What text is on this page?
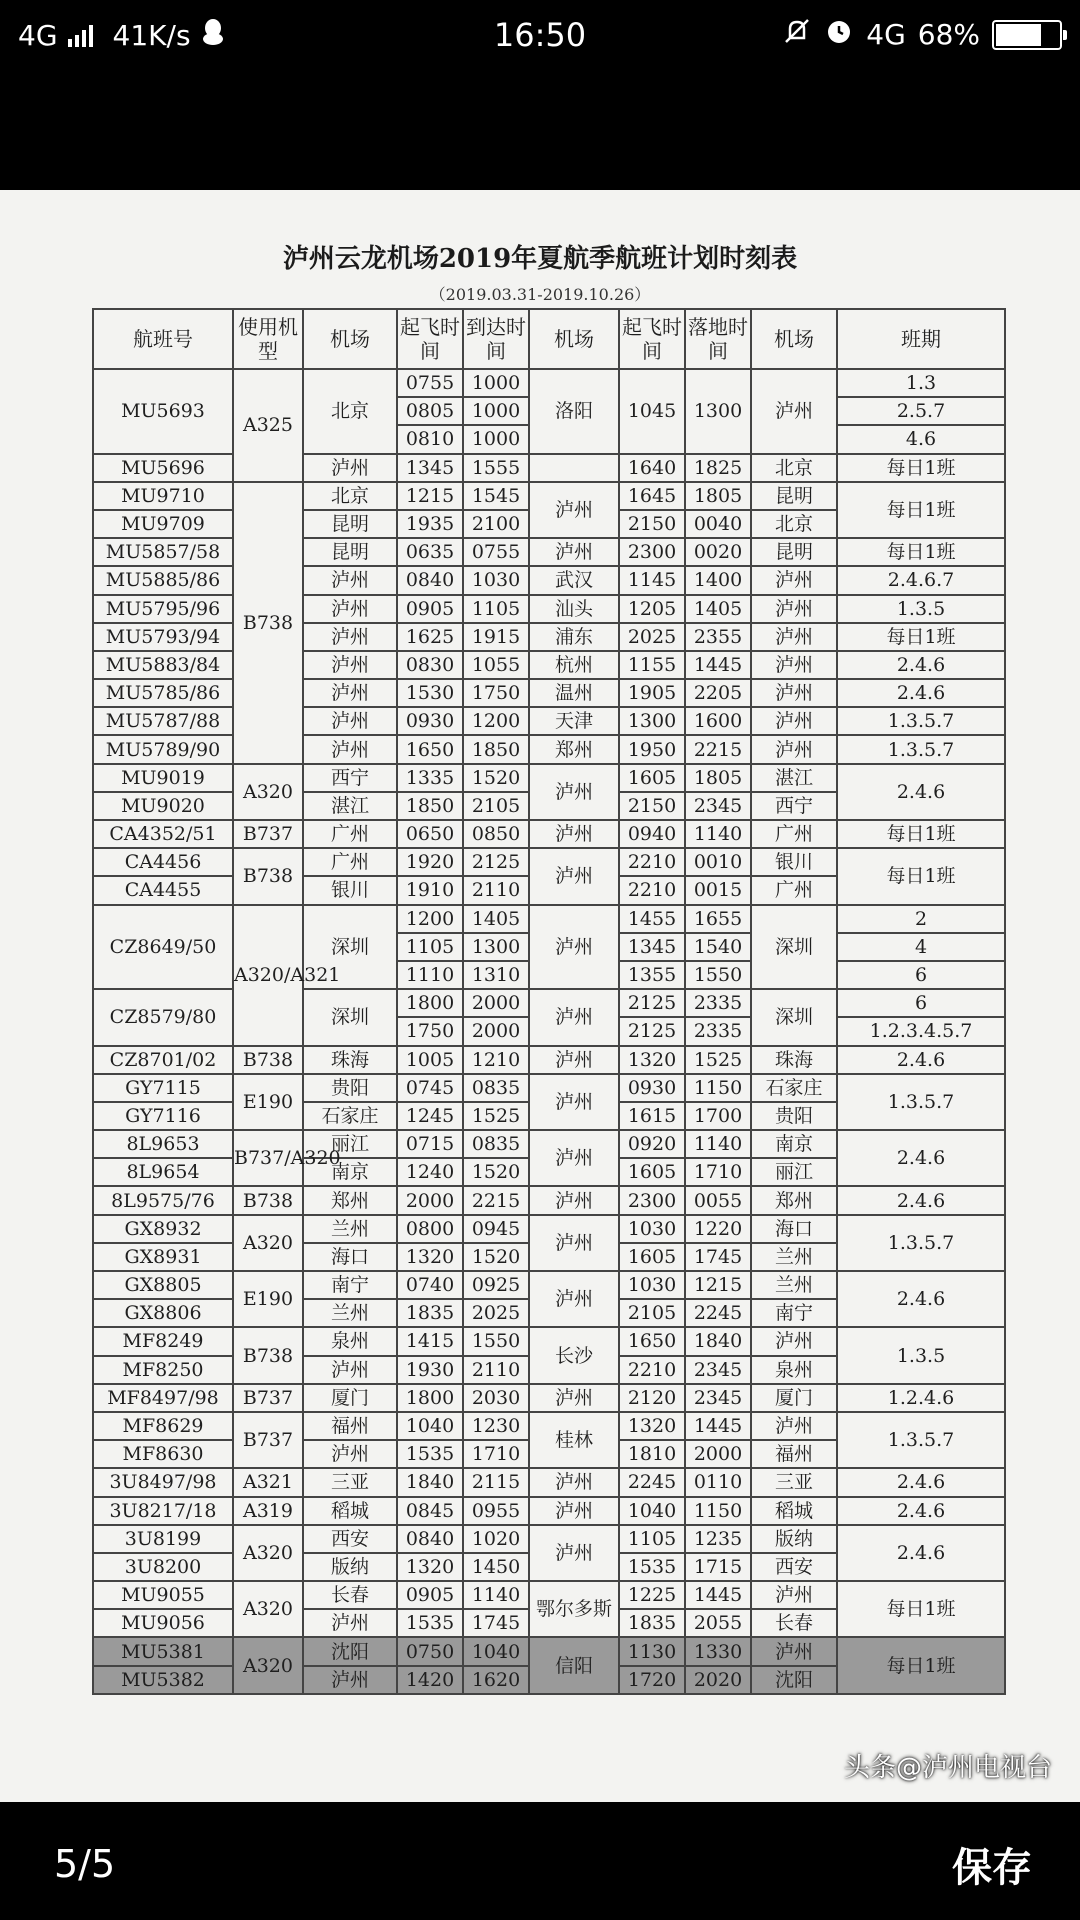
4G 41K/s	16:50	4G 68%
泸州云龙机场2019年夏航季航班计划时刻表
（2019.03.31-2019.10.26）
航班号	使用机型	机场	起飞时间	到达时间	机场	起飞时间	落地时间	机场	班期
MU5693	A325	北京	0755	1000	洛阳	1045	1300	泸州	1.3
			0805	1000					2.5.7
			0810	1000					4.6
MU5696		泸州	1345	1555		1640	1825	北京	每日1班
MU9710	B738	北京	1215	1545	泸州	1645	1805	昆明	每日1班
MU9709		昆明	1935	2100		2150	0040	北京	
MU5857/58		昆明	0635	0755	泸州	2300	0020	昆明	每日1班
MU5885/86		泸州	0840	1030	武汉	1145	1400	泸州	2.4.6.7
MU5795/96		泸州	0905	1105	汕头	1205	1405	泸州	1.3.5
MU5793/94		泸州	1625	1915	浦东	2025	2355	泸州	每日1班
MU5883/84		泸州	0830	1055	杭州	1155	1445	泸州	2.4.6
MU5785/86		泸州	1530	1750	温州	1905	2205	泸州	2.4.6
MU5787/88		泸州	0930	1200	天津	1300	1600	泸州	1.3.5.7
MU5789/90		泸州	1650	1850	郑州	1950	2215	泸州	1.3.5.7
MU9019	A320	西宁	1335	1520	泸州	1605	1805	湛江	2.4.6
MU9020		湛江	1850	2105		2150	2345	西宁	
CA4352/51	B737	广州	0650	0850	泸州	0940	1140	广州	每日1班
CA4456	B738	广州	1920	2125	泸州	2210	0010	银川	每日1班
CA4455		银川	1910	2110		2210	0015	广州	
CZ8649/50	A320/A321	深圳	1200	1405	泸州	1455	1655	深圳	2
			1105	1300		1345	1540		4
			1110	1310		1355	1550		6
CZ8579/80		深圳	1800	2000	泸州	2125	2335	深圳	6
			1750	2000		2125	2335		1.2.3.4.5.7
CZ8701/02	B738	珠海	1005	1210	泸州	1320	1525	珠海	2.4.6
GY7115	E190	贵阳	0745	0835	泸州	0930	1150	石家庄	1.3.5.7
GY7116		石家庄	1245	1525		1615	1700	贵阳	
8L9653	B737/A320	丽江	0715	0835	泸州	0920	1140	南京	2.4.6
8L9654		南京	1240	1520		1605	1710	丽江	
8L9575/76	B738	郑州	2000	2215	泸州	2300	0055	郑州	2.4.6
GX8932	A320	兰州	0800	0945	泸州	1030	1220	海口	1.3.5.7
GX8931		海口	1320	1520		1605	1745	兰州	
GX8805	E190	南宁	0740	0925	泸州	1030	1215	兰州	2.4.6
GX8806		兰州	1835	2025		2105	2245	南宁	
MF8249	B738	泉州	1415	1550	长沙	1650	1840	泸州	1.3.5
MF8250		泸州	1930	2110		2210	2345	泉州	
MF8497/98	B737	厦门	1800	2030	泸州	2120	2345	厦门	1.2.4.6
MF8629	B737	福州	1040	1230	桂林	1320	1445	泸州	1.3.5.7
MF8630		泸州	1535	1710		1810	2000	福州	
3U8497/98	A321	三亚	1840	2115	泸州	2245	0110	三亚	2.4.6
3U8217/18	A319	稻城	0845	0955	泸州	1040	1150	稻城	2.4.6
3U8199	A320	西安	0840	1020	泸州	1105	1235	版纳	2.4.6
3U8200		版纳	1320	1450		1535	1715	西安	
MU9055	A320	长春	0905	1140	鄂尔多斯	1225	1445	泸州	每日1班
MU9056		泸州	1535	1745		1835	2055	长春	
MU5381	A320	沈阳	0750	1040	信阳	1130	1330	泸州	每日1班
MU5382		泸州	1420	1620		1720	2020	沈阳	
头条@泸州电视台
5/5	保存
